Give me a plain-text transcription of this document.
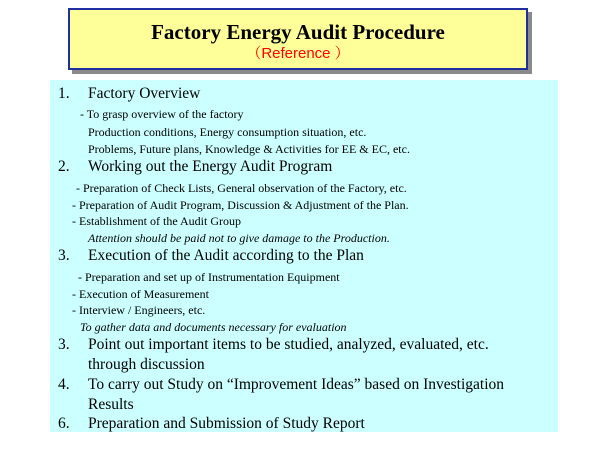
Factory Energy Audit Procedure
（Reference ）
1. Factory Overview
- To grasp overview of the factory
Production conditions, Energy consumption situation, etc.
Problems, Future plans, Knowledge & Activities for EE & EC, etc.
2. Working out the Energy Audit Program
- Preparation of Check Lists, General observation of the Factory, etc.
- Preparation of Audit Program, Discussion & Adjustment of the Plan.
- Establishment of the Audit Group
Attention should be paid not to give damage to the Production.
3. Execution of the Audit according to the Plan
- Preparation and set up of Instrumentation Equipment
- Execution of Measurement
- Interview / Engineers, etc.
To gather data and documents necessary for evaluation
3. Point out important items to be studied, analyzed, evaluated, etc.
through discussion
4. To carry out Study on “Improvement Ideas” based on Investigation
Results
6. Preparation and Submission of Study Report
